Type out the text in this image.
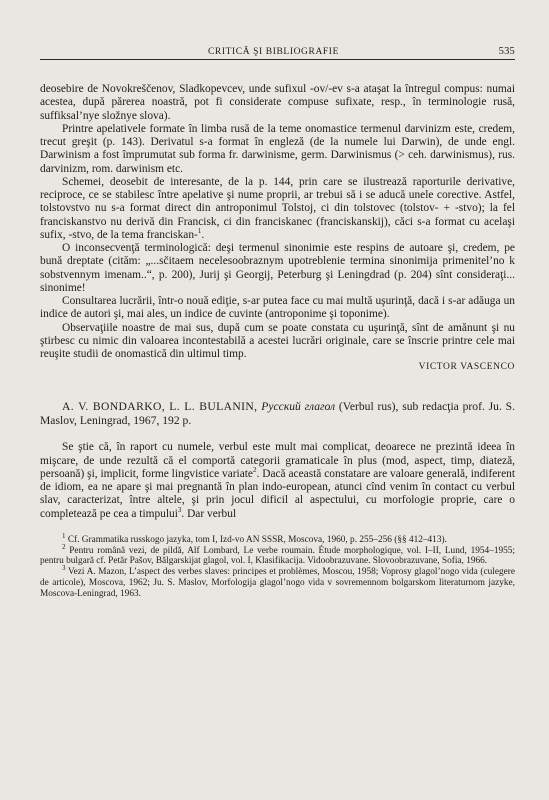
CRITICĂ ŞI BIBLIOGRAFIE	535

deosebire de Novokreščenov, Sladkopevcev, unde sufixul -ov/-ev s-a ataşat la întregul compus: numai acestea, după părerea noastră, pot fi considerate compuse sufixate, resp., în terminologie rusă, suffiksal’nye složnye slova).

Printre apelativele formate în limba rusă de la teme onomastice termenul darvinizm este, credem, trecut greşit (p. 143). Derivatul s-a format în engleză (de la numele lui Darwin), de unde engl. Darwinism a fost împrumutat sub forma fr. darwinisme, germ. Darwinismus (> ceh. darwinismus), rus. darvinizm, rom. darwinism etc.

Schemei, deosebit de interesante, de la p. 144, prin care se ilustrează raporturile derivative, reciproce, ce se stabilesc între apelative şi nume proprii, ar trebui să i se aducă unele corective. Astfel, tolstovstvo nu s-a format direct din antroponimul Tolstoj, ci din tolstovec (tolstov- + -stvo); la fel franciskanstvo nu derivă din Francisk, ci din franciskanec (franciskanskij), căci s-a format cu acelaşi sufix, -stvo, de la tema franciskan-$^1$.

O inconsecvenţă terminologică: deşi termenul sinonimie este respins de autoare şi, credem, pe bună dreptate (cităm: „...sčitaem necelesoobraznym upotreblenie termina sinonimija primenitel’no k sobstvennym imenam..“, p. 200), Jurij şi Georgij, Peterburg şi Leningdrad (p. 204) sînt consideraţi... sinonime!

Consultarea lucrării, într-o nouă ediţie, s-ar putea face cu mai multă uşurinţă, dacă i s-ar adăuga un indice de autori şi, mai ales, un indice de cuvinte (antroponime şi toponime).

Observaţiile noastre de mai sus, după cum se poate constata cu uşurinţă, sînt de amănunt şi nu ştirbesc cu nimic din valoarea incontestabilă a acestei lucrări originale, care se înscrie printre cele mai reuşite studii de onomastică din ultimul timp.

VICTOR VASCENCO
A. V. BONDARKO, L. L. BULANIN, Русский глагол (Verbul rus), sub redacţia prof. Ju. S. Maslov, Leningrad, 1967, 192 p.

Se ştie că, în raport cu numele, verbul este mult mai complicat, deoarece ne prezintă ideea în mişcare, de unde rezultă că el comportă categorii gramaticale în plus (mod, aspect, timp, diateză, persoană) şi, implicit, forme lingvistice variate$^2$. Dacă această constatare are valoare generală, indiferent de idiom, ea ne apare şi mai pregnantă în plan indo-european, atunci cînd venim în contact cu verbul slav, caracterizat, între altele, şi prin jocul dificil al aspectului, cu morfologie proprie, care o completează pe cea a timpului$^3$. Dar verbul

$^1$ Cf. Grammatika russkogo jazyka, tom I, Izd-vo AN SSSR, Moscova, 1960, p. 255–256 (§§ 412–413).

$^2$ Pentru română vezi, de pildă, Alf Lombard, Le verbe roumain. Étude morphologique, vol. I–II, Lund, 1954–1955; pentru bulgară cf. Petăr Pašov, Bălgarskijat glagol, vol. I, Klasifikacija. Vidoobrazuvane. Slovoobrazuvane, Sofia, 1966.

$^3$ Vezi A. Mazon, L’aspect des verbes slaves: principes et problèmes, Moscou, 1958; Voprosy glagol’nogo vida (culegere de articole), Moscova, 1962; Ju. S. Maslov, Morfologija glagol’nogo vida v sovremennom bolgarskom literaturnom jazyke, Moscova-Leningrad, 1963.
